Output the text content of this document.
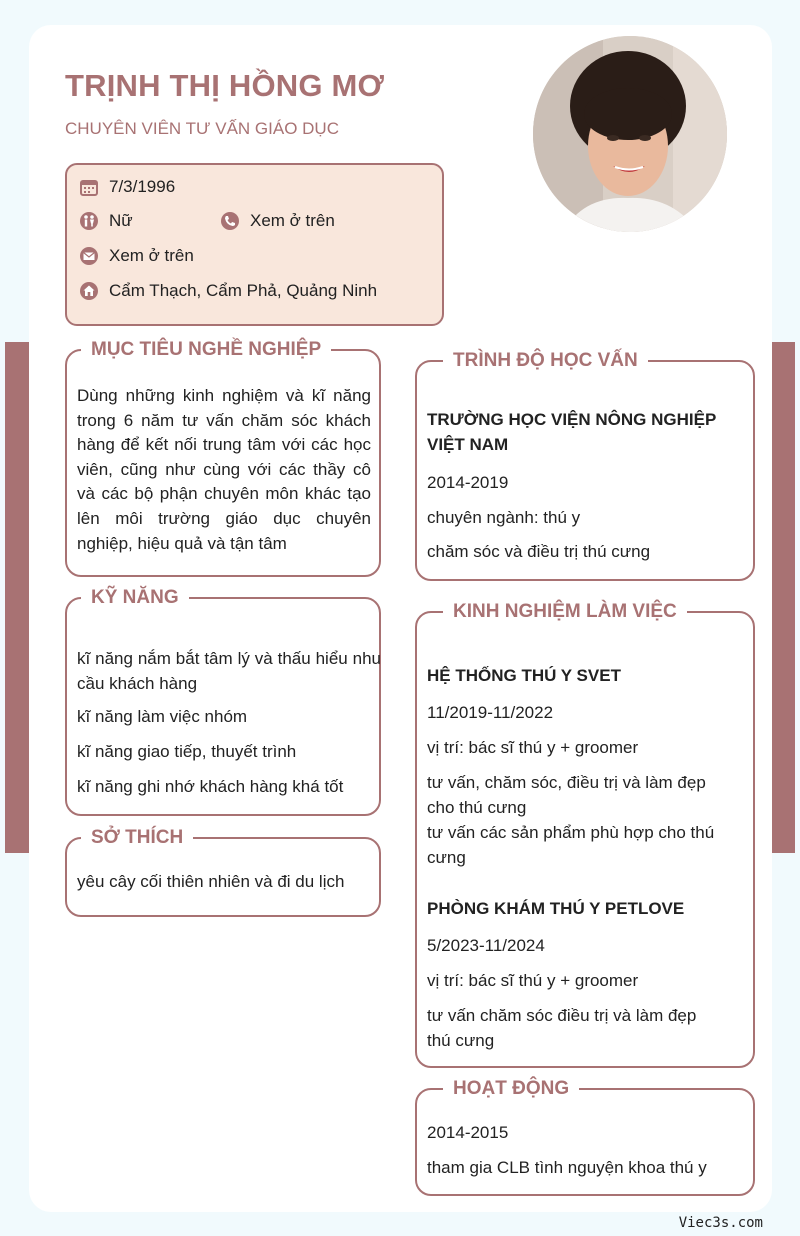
TRỊNH THỊ HỒNG MƠ
CHUYÊN VIÊN TƯ VẤN GIÁO DỤC
7/3/1996
Nữ	Xem ở trên
Xem ở trên
Cẩm Thạch, Cẩm Phả, Quảng Ninh
MỤC TIÊU NGHỀ NGHIỆP
Dùng những kinh nghiệm và kĩ năng trong 6 năm tư vấn chăm sóc khách hàng để kết nối trung tâm với các học viên, cũng như cùng với các thầy cô và các bộ phận chuyên môn khác tạo lên môi trường giáo dục chuyên nghiệp, hiệu quả và tận tâm
KỸ NĂNG
kĩ năng nắm bắt tâm lý và thấu hiểu nhu cầu khách hàng
kĩ năng làm việc nhóm
kĩ năng giao tiếp, thuyết trình
kĩ năng ghi nhớ khách hàng khá tốt
SỞ THÍCH
yêu cây cối thiên nhiên và đi du lịch
TRÌNH ĐỘ HỌC VẤN
TRƯỜNG HỌC VIỆN NÔNG NGHIỆP VIỆT NAM
2014-2019
chuyên ngành: thú y
chăm sóc và điều trị thú cưng
KINH NGHIỆM LÀM VIỆC
HỆ THỐNG THÚ Y SVET
11/2019-11/2022
vị trí: bác sĩ thú y + groomer
tư vấn, chăm sóc, điều trị và làm đẹp cho thú cưng
tư vấn các sản phẩm phù hợp cho thú cưng
PHÒNG KHÁM THÚ Y PETLOVE
5/2023-11/2024
vị trí: bác sĩ thú y + groomer
tư vấn chăm sóc điều trị và làm đẹp thú cưng
HOẠT ĐỘNG
2014-2015
tham gia CLB tình nguyện khoa thú y
Viec3s.com
